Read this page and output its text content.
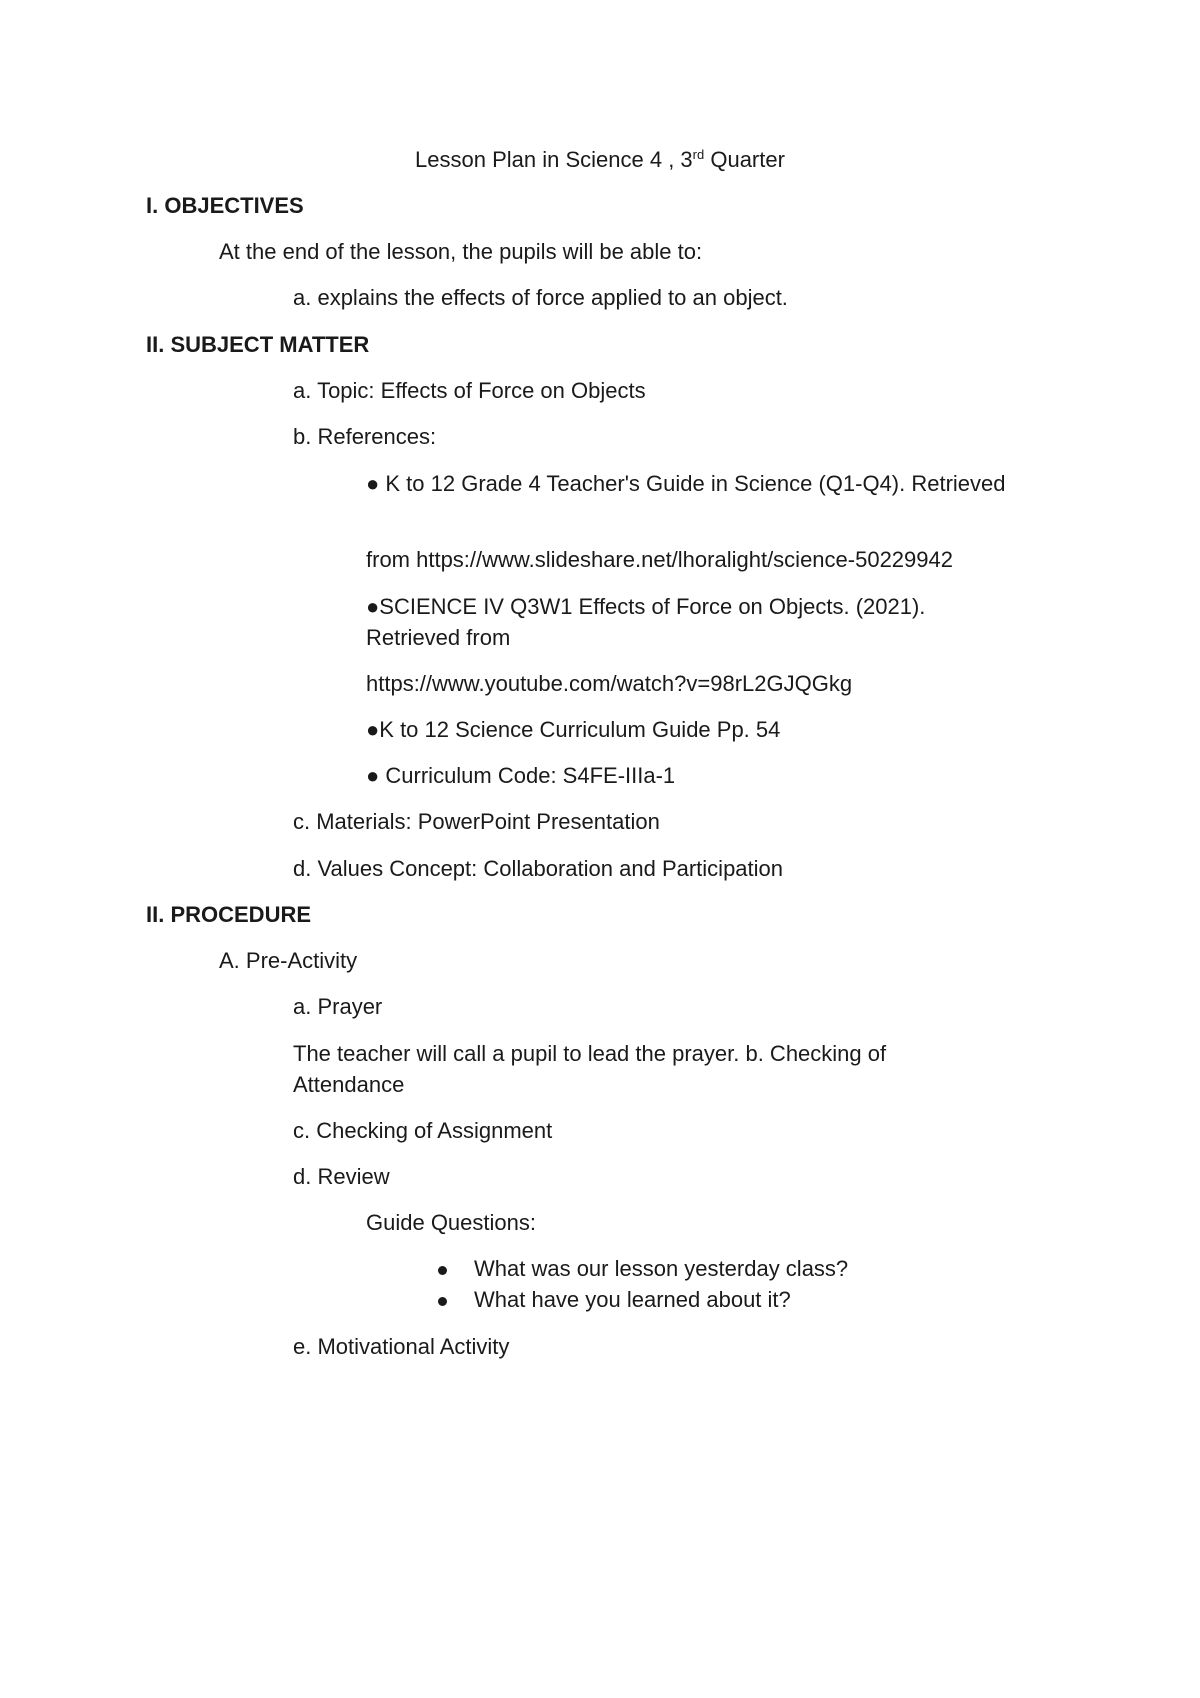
Lesson Plan in Science 4 , 3rd Quarter
I. OBJECTIVES
At the end of the lesson, the pupils will be able to:
a. explains the effects of force applied to an object.
II. SUBJECT MATTER
a. Topic: Effects of Force on Objects
b. References:
● K to 12 Grade 4 Teacher's Guide in Science (Q1-Q4). Retrieved
from https://www.slideshare.net/lhoralight/science-50229942
●SCIENCE IV Q3W1 Effects of Force on Objects. (2021). Retrieved from
https://www.youtube.com/watch?v=98rL2GJQGkg
●K to 12 Science Curriculum Guide Pp. 54
● Curriculum Code: S4FE-IIIa-1
c. Materials: PowerPoint Presentation
d. Values Concept: Collaboration and Participation
II. PROCEDURE
A. Pre-Activity
a. Prayer
The teacher will call a pupil to lead the prayer. b. Checking of Attendance
c. Checking of Assignment
d. Review
Guide Questions:
What was our lesson yesterday class?
What have you learned about it?
e. Motivational Activity
